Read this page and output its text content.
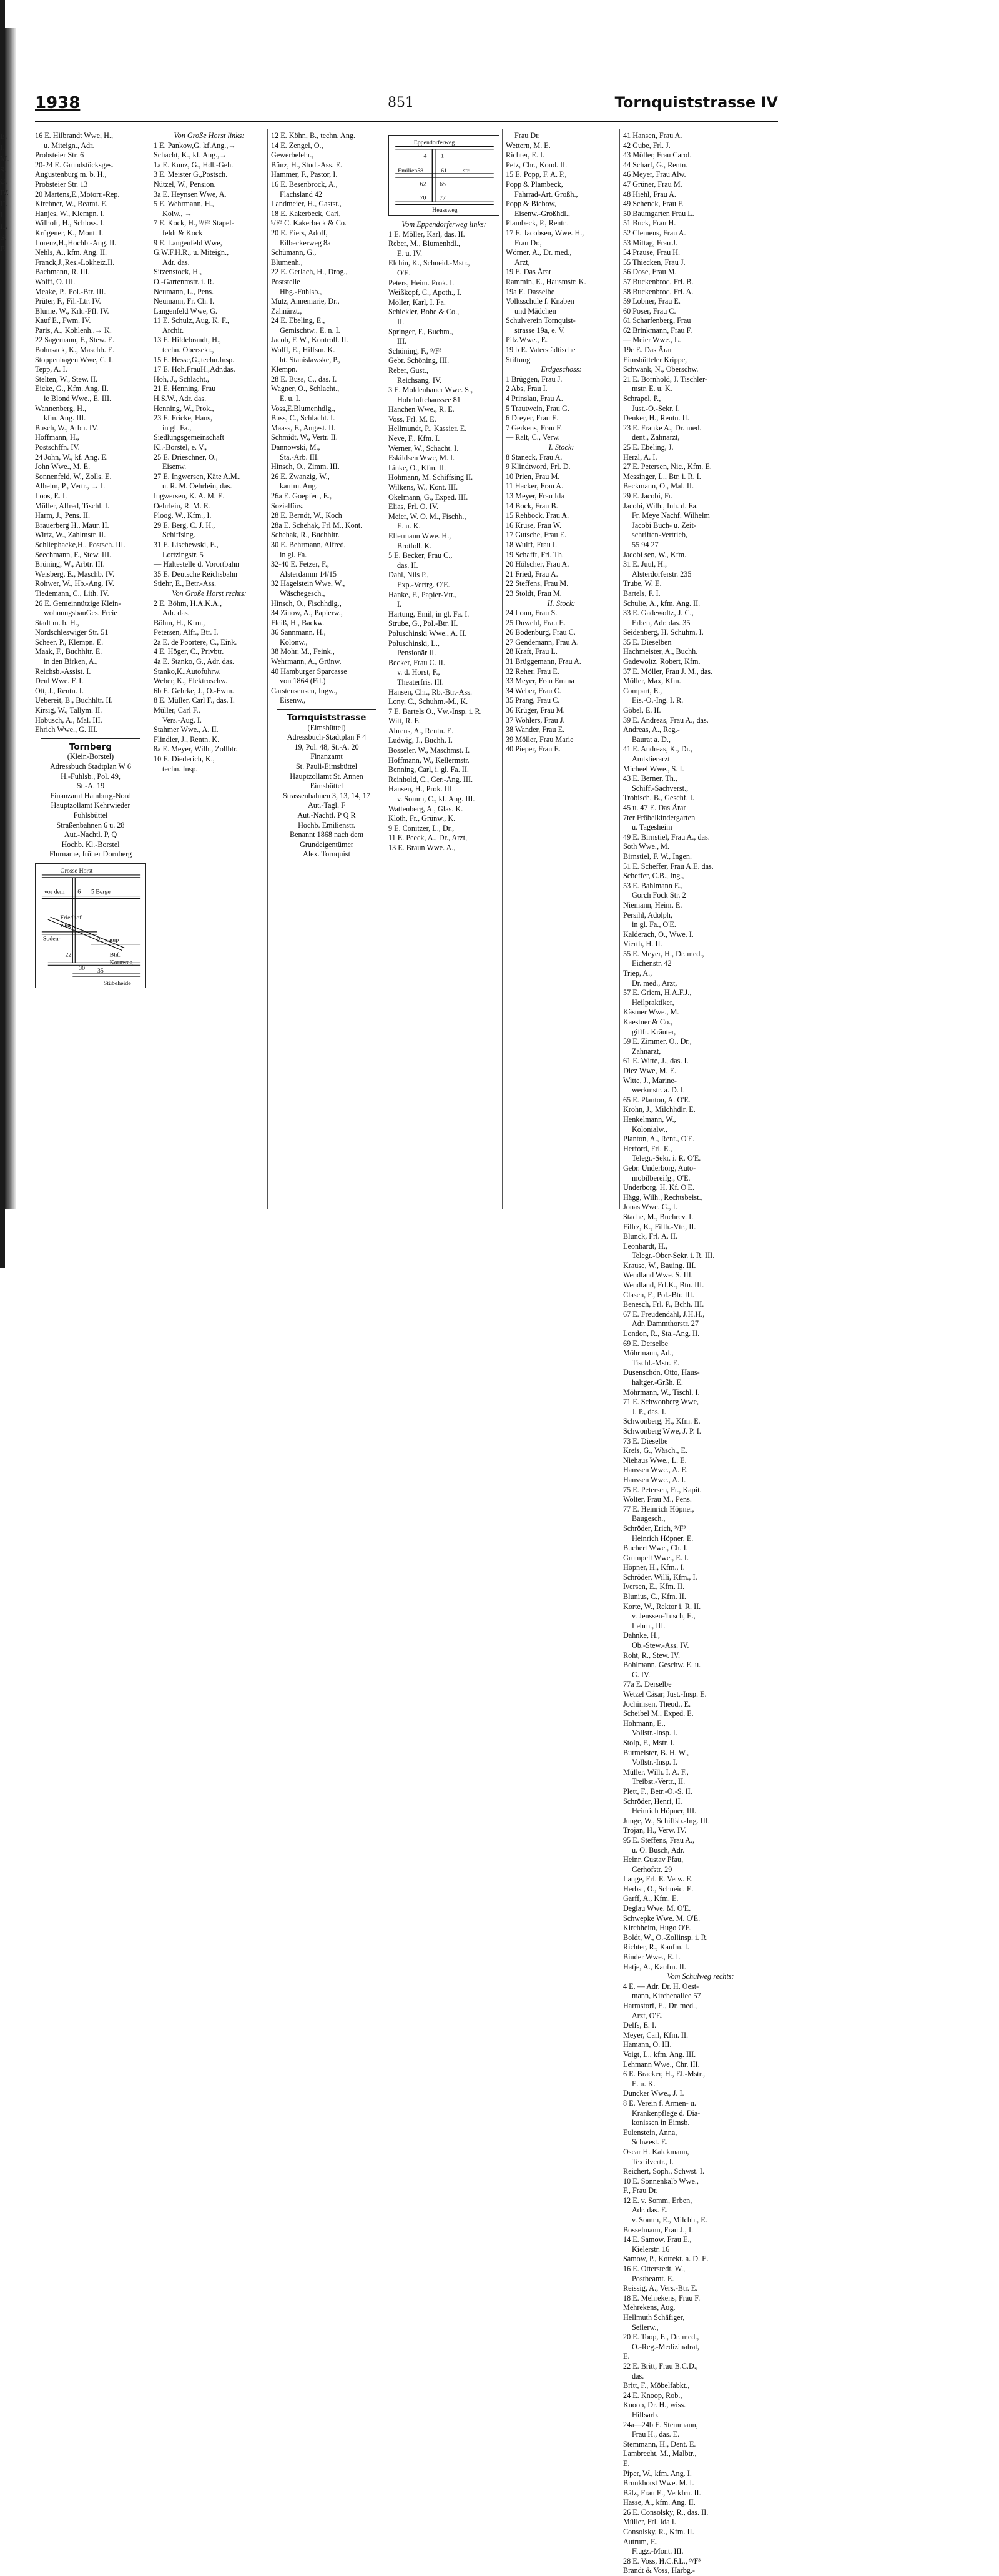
E.
I.
M.
S.
C.
IV.
II.
I.
II.
S.
P.
1938	851	Tornquiststrasse IV
16 E. Hilbrandt Wwe, H.,
u. Miteign., Adr.
Probsteier Str. 6
20-24 E. Grundstücksges.
Augustenburg m. b. H.,
Probsteier Str. 13
20 Martens,E.,Motorr.-Rep.
Kirchner, W., Beamt. E.
Hanjes, W., Klempn. I.
Wilhoft, H., Schloss. I.
Krügener, K., Mont. I.
Lorenz,H.,Hochb.-Ang. II.
Nehls, A., kfm. Ang. II.
Franck,J.,Res.-Lokheiz.II.
Bachmann, R. III.
Wolff, O. III.
Meake, P., Pol.-Btr. III.
Prüter, F., Fil.-Ltr. IV.
Blume, W., Krk.-Pfl. IV.
Kauf E., Fwm. IV.
Paris, A., Kohlenh.,→ K.
22 Sagemann, F., Stew. E.
Bohnsack, K., Maschb. E.
Stoppenhagen Wwe, C. I.
Tepp, A. I.
Stelten, W., Stew. II.
Eicke, G., Kfm. Ang. II.
le Blond Wwe., E. III.
Wannenberg, H.,
kfm. Ang. III.
Busch, W., Arbtr. IV.
Hoffmann, H.,
Postschffn. IV.
24 John, W., kf. Ang. E.
John Wwe., M. E.
Sonnenfeld, W., Zolls. E.
Alhelm, P., Vertr., → I.
Loos, E. I.
Müller, Alfred, Tischl. I.
Harm, J., Pens. II.
Brauerberg H., Maur. II.
Wirtz, W., Zahlmstr. II.
Schliephacke,H., Postsch. III.
Seechmann, F., Stew. III.
Brüning, W., Arbtr. III.
Weisberg, E., Maschb. IV.
Rohwer, W., Hb.-Ang. IV.
Tiedemann, C., Lith. IV.
26 E. Gemeinnützige Klein-
wohnungsbauGes. Freie
Stadt m. b. H.,
Nordschleswiger Str. 51
Scheer, P., Klempn. E.
Maak, F., Buchhltr. E.
in den Birken, A.,
Reichsb.-Assist. I.
Deul Wwe. F. I.
Ott, J., Rentn. I.
Uebereit, B., Buchhltr. II.
Kirsig, W., Tallym. II.
Hobusch, A., Mal. III.
Ehrich Wwe., G. III.
Tornberg
(Klein-Borstel)
Adressbuch Stadtplan W 6
H.-Fuhlsb., Pol. 49,
St.-A. 19
Finanzamt Hamburg-Nord
Hauptzollamt Kehrwieder
Fuhlsbüttel
Straßenbahnen 6 u. 28
Aut.-Nachtl. P, Q
Hochb. Kl.-Borstel
Flurname, früher Dornberg
Grosse Horst
vor dem 6 5 Berge
Friedhof
weg
Soden-	21 kamp
22	Bhf.
Kornweg
30 35
Stübeheide
Von Große Horst links:
1 E. Pankow,G. kf.Ang.,→
Schacht, K., kf. Ang.,→
1a E. Kunz, G., Hdl.-Geh.
3 E. Meister G.,Postsch.
Nützel, W., Pension.
3a E. Heynsen Wwe, A.
5 E. Wehrmann, H.,
Kolw., →
7 E. Kock, H., ⁹/F³ Stapel-
feldt & Kock
9 E. Langenfeld Wwe,
G.W.F.H.R., u. Miteign.,
Adr. das.
Sitzenstock, H.,
O.-Gartenmstr. i. R.
Neumann, L., Pens.
Neumann, Fr. Ch. I.
Langenfeld Wwe, G.
11 E. Schulz, Aug. K. F.,
Archit.
13 E. Hildebrandt, H.,
techn. Obersekr.,
15 E. Hesse,G.,techn.Insp.
17 E. Hoh,FrauH.,Adr.das.
Hoh, J., Schlacht.,
21 E. Henning, Frau
H.S.W., Adr. das.
Henning, W., Prok.,
23 E. Fricke, Hans,
in gl. Fa.,
Siedlungsgemeinschaft
Kl.-Borstel, e. V.,
25 E. Drieschner, O.,
Eisenw.
27 E. Ingwersen, Käte A.M.,
u. R. M. Oehrlein, das.
Ingwersen, K. A. M. E.
Oehrlein, R. M. E.
Ploog, W., Kfm., I.
29 E. Berg, C. J. H.,
Schiffsing.
31 E. Lischewski, E.,
Lortzingstr. 5
— Haltestelle d. Vorortbahn
35 E. Deutsche Reichsbahn
Stiehr, E., Betr.-Ass.
Von Große Horst rechts:
2 E. Böhm, H.A.K.A.,
Adr. das.
Böhm, H., Kfm.,
Petersen, Alfr., Btr. I.
2a E. de Poortere, C., Eink.
4 E. Höger, C., Privbtr.
4a E. Stanko, G., Adr. das.
Stanko,K.,Autofuhrw.
Weber, K., Elektroschw.
6b E. Gehrke, J., O.-Fwm.
8 E. Müller, Carl F., das. I.
Müller, Carl F.,
Vers.-Aug. I.
Stahmer Wwe., A. II.
Flindler, J., Rentn. K.
8a E. Meyer, Wilh., Zollbtr.
10 E. Diederich, K.,
techn. Insp.
12 E. Köhn, B., techn. Ang.
14 E. Zengel, O.,
Gewerbelehr.,
Bünz, H., Stud.-Ass. E.
Hammer, F., Pastor, I.
16 E. Besenbrock, A.,
Flachsland 42
Landmeier, H., Gastst.,
18 E. Kakerbeck, Carl,
⁹/F³ C. Kakerbeck & Co.
20 E. Eiers, Adolf,
Eilbeckerweg 8a
Schümann, G.,
Blumenh.,
22 E. Gerlach, H., Drog.,
Poststelle
Hbg.-Fuhlsb.,
Mutz, Annemarie, Dr.,
Zahnärzt.,
24 E. Ebeling, E.,
Gemischtw., E. n. I.
Jacob, F. W., Kontroll. II.
Wolff, E., Hilfsm. K.
ht. Stanislawske, P.,
Klempn.
28 E. Buss, C., das. I.
Wagner, O., Schlacht.,
E. u. I.
Voss,E.Blumenhdlg.,
Buss, C., Schlacht. I.
Maass, F., Angest. II.
Schmidt, W., Vertr. II.
Dannowski, M.,
Sta.-Arb. III.
Hinsch, O., Zimm. III.
26 E. Zwanzig, W.,
kaufm. Ang.
26a E. Goepfert, E.,
Sozialfürs.
28 E. Berndt, W., Koch
28a E. Schehak, Frl M., Kont.
Schehak, R., Buchhltr.
30 E. Behrmann, Alfred,
in gl. Fa.
32-40 E. Fetzer, F.,
Alsterdamm 14/15
32 Hagelstein Wwe, W.,
Wäschegesch.,
Hinsch, O., Fischhdlg.,
34 Zinow, A., Papierw.,
Fleiß, H., Backw.
36 Sannmann, H.,
Kolonw.,
38 Mohr, M., Feink.,
Wehrmann, A., Grünw.
40 Hamburger Sparcasse
von 1864 (Fil.)
Carstensensen, Ingw.,
Eisenw.,
Tornquiststrasse
(Eimsbüttel)
Adressbuch-Stadtplan F 4
19, Pol. 48, St.-A. 20
Finanzamt
St. Pauli-Eimsbüttel
Hauptzollamt St. Annen
Eimsbüttel
Strassenbahnen 3, 13, 14, 17
Aut.-Tagl. F
Aut.-Nachtl. P Q R
Hochb. Emilienstr.
Benannt 1868 nach dem
Grundeigentümer
Alex. Tornquist
Eppendorferweg
4 1
Emilien58	61	str.
62 65
70 77
Heussweg
Vom Eppendorferweg links:
1 E. Möller, Karl, das. II.
Reber, M., Blumenhdl.,
E. u. IV.
Elchin, K., Schneid.-Mstr.,
O'E.
Peters, Heinr. Prok. I.
Weißkopf, C., Apoth., I.
Möller, Karl, I. Fa.
Schiekler, Bohe & Co.,
II.
Springer, F., Buchm.,
III.
Schöning, F., ⁹/F³
Gebr. Schöning, III.
Reber, Gust.,
Reichsang. IV.
3 E. Moldenhauer Wwe. S.,
Hoheluftchaussee 81
Hänchen Wwe., R. E.
Voss, Frl. M. E.
Hellmundt, P., Kassier. E.
Neve, F., Kfm. I.
Werner, W., Schacht. I.
Eskildsen Wwe, M. I.
Linke, O., Kfm. II.
Hohmann, M. Schiffsing II.
Wilkens, W., Kont. III.
Okelmann, G., Exped. III.
Elias, Frl. O. IV.
Meier, W. O. M., Fischh.,
E. u. K.
Ellermann Wwe. H.,
Brothdl. K.
5 E. Becker, Frau C.,
das. II.
Dahl, Nils P.,
Exp.-Vertrg. O'E.
Hanke, F., Papier-Vtr.,
I.
Hartung, Emil, in gl. Fa. I.
Strube, G., Pol.-Btr. II.
Poluschinski Wwe., A. II.
Poluschinski, L.,
Pensionär II.
Becker, Frau C. II.
v. d. Horst, F.,
Theaterfris. III.
Hansen, Chr., Rb.-Btr.-Ass.
Lony, C., Schuhm.-M., K.
7 E. Bartels O., Vw.-Insp. i. R.
Witt, R. E.
Ahrens, A., Rentn. E.
Ludwig, J., Buchh. I.
Bosseler, W., Maschmst. I.
Hoffmann, W., Kellermstr.
Benning, Carl, i. gl. Fa. II.
Reinhold, C., Ger.-Ang. III.
Hansen, H., Prok. III.
v. Somm, C., kf. Ang. III.
Wattenberg, A., Glas. K.
Kloth, Fr., Grünw., K.
9 E. Conitzer, L., Dr.,
11 E. Peeck, A., Dr., Arzt,
13 E. Braun Wwe. A.,
Frau Dr.
Wettern, M. E.
Richter, E. I.
Petz, Chr., Kond. II.
15 E. Popp, F. A. P.,
Popp & Plambeck,
Fahrrad-Art. Großh.,
Popp & Biebow,
Eisenw.-Großhdl.,
Plambeck, P., Rentn.
17 E. Jacobsen, Wwe. H.,
Frau Dr.,
Wörner, A., Dr. med.,
Arzt,
19 E. Das Ärar
Rammin, E., Hausmstr. K.
19a E. Dasselbe
Volksschule f. Knaben
und Mädchen
Schulverein Tornquist-
strasse 19a, e. V.
Pilz Wwe., E.
19 b E. Vaterstädtische
Stiftung
Erdgeschoss:
1 Brüggen, Frau J.
2 Abs, Frau I.
4 Prinslau, Frau A.
5 Trautwein, Frau G.
6 Dreyer, Frau E.
7 Gerkens, Frau F.
— Ralt, C., Verw.
I. Stock:
8 Staneck, Frau A.
9 Klindtword, Frl. D.
10 Prien, Frau M.
11 Hacker, Frau A.
13 Meyer, Frau Ida
14 Bock, Frau B.
15 Rehbock, Frau A.
16 Kruse, Frau W.
17 Gutsche, Frau E.
18 Wulff, Frau I.
19 Schafft, Frl. Th.
20 Hölscher, Frau A.
21 Fried, Frau A.
22 Steffens, Frau M.
23 Stoldt, Frau M.
II. Stock:
24 Lonn, Frau S.
25 Duwehl, Frau E.
26 Bodenburg, Frau C.
27 Gendemann, Frau A.
28 Kraft, Frau L.
31 Brüggemann, Frau A.
32 Reher, Frau E.
33 Meyer, Frau Emma
34 Weber, Frau C.
35 Prang, Frau C.
36 Krüger, Frau M.
37 Wohlers, Frau J.
38 Wander, Frau E.
39 Möller, Frau Marie
40 Pieper, Frau E.
41 Hansen, Frau A.
42 Gube, Frl. J.
43 Möller, Frau Carol.
44 Scharf, G., Rentn.
46 Meyer, Frau Alw.
47 Grüner, Frau M.
48 Hiehl, Frau A.
49 Schenck, Frau F.
50 Baumgarten Frau L.
51 Buck, Frau H.
52 Clemens, Frau A.
53 Mittag, Frau J.
54 Prause, Frau H.
55 Thiecken, Frau J.
56 Dose, Frau M.
57 Buckenbrod, Frl. B.
58 Buckenbrod, Frl. A.
59 Lobner, Frau E.
60 Poser, Frau C.
61 Scharfenberg, Frau
62 Brinkmann, Frau F.
— Meier Wwe., L.
19c E. Das Ärar
Eimsbütteler Krippe,
Schwank, N., Oberschw.
21 E. Bornhold, J. Tischler-
mstr. E. u. K.
Schrapel, P.,
Just.-O.-Sekr. I.
Denker, H., Rentn. II.
23 E. Franke A., Dr. med.
dent., Zahnarzt,
25 E. Ebeling, J.
Herzl, A. I.
27 E. Petersen, Nic., Kfm. E.
Messinger, L., Btr. i. R. I.
Beckmann, O., Mal. II.
29 E. Jacobi, Fr.
Jacobi, Wilh., Inh. d. Fa.
Fr. Meye Nachf. Wilhelm
Jacobi Buch- u. Zeit-
schriften-Vertrieb,
55 94 27
Jacobi sen, W., Kfm.
31 E. Juul, H.,
Alsterdorferstr. 235
Trube, W. E.
Bartels, F. I.
Schulte, A., kfm. Ang. II.
33 E. Gadewoltz, J. C.,
Erben, Adr. das. 35
Seidenberg, H. Schuhm. I.
35 E. Dieselben
Hachmeister, A., Buchh.
Gadewoltz, Robert, Kfm.
37 E. Möller, Frau J. M., das.
Möller, Max, Kfm.
Compart, E.,
Eis.-O.-Ing. I. R.
Göbel, E. II.
39 E. Andreas, Frau A., das.
Andreas, A., Reg.-
Baurat a. D.,
41 E. Andreas, K., Dr.,
Amtstierarzt
Micheel Wwe., S. I.
43 E. Berner, Th.,
Schiff.-Sachverst.,
Trobisch, B., Geschf. I.
45 u. 47 E. Das Ärar
7ter Fröbelkindergarten
u. Tagesheim
49 E. Birnstiel, Frau A., das.
Soth Wwe., M.
Birnstiel, F. W., Ingen.
51 E. Scheffer, Frau A.E. das.
Scheffer, C.B., Ing.,
53 E. Bahlmann E.,
Gorch Fock Str. 2
Niemann, Heinr. E.
Persihl, Adolph,
in gl. Fa., O'E.
Kalderach, O., Wwe. I.
Vierth, H. II.
55 E. Meyer, H., Dr. med.,
Eichenstr. 42
Triep, A.,
Dr. med., Arzt,
57 E. Griem, H.A.F.J.,
Heilpraktiker,
Kästner Wwe., M.
Kaestner & Co.,
giftfr. Kräuter,
59 E. Zimmer, O., Dr.,
Zahnarzt,
61 E. Witte, J., das. I.
Diez Wwe, M. E.
Witte, J., Marine-
werkmstr. a. D. I.
65 E. Planton, A. O'E.
Krohn, J., Milchhdlr. E.
Henkelmann, W.,
Kolonialw.,
Planton, A., Rent., O'E.
Herford, Frl. E.,
Telegr.-Sekr. i. R. O'E.
Gebr. Underborg, Auto-
mobilbereifg., O'E.
Underborg, H. Kf. O'E.
Hägg, Wilh., Rechtsbeist.,
Jonas Wwe. G., I.
Stache, M., Buchrev. I.
Fillrz, K., Fillh.-Vtr., II.
Blunck, Frl. A. II.
Leonhardt, H.,
Telegr.-Ober-Sekr. i. R. III.
Krause, W., Bauing. III.
Wendland Wwe. S. III.
Wendland, Frl.K., Btn. III.
Clasen, F., Pol.-Btr. III.
Benesch, Frl. P., Bchh. III.
67 E. Freudendahl, J.H.H.,
Adr. Dammthorstr. 27
London, R., Sta.-Ang. II.
69 E. Derselbe
Möhrmann, Ad.,
Tischl.-Mstr. E.
Dusenschön, Otto, Haus-
haltger.-Grßh. E.
Möhrmann, W., Tischl. I.
71 E. Schwonberg Wwe,
J. P., das. I.
Schwonberg, H., Kfm. E.
Schwonberg Wwe, J. P. I.
73 E. Dieselbe
Kreis, G., Wäsch., E.
Niehaus Wwe., L. E.
Hanssen Wwe., A. E.
Hanssen Wwe., A. I.
75 E. Petersen, Fr., Kapit.
Wolter, Frau M., Pens.
77 E. Heinrich Höpner,
Baugesch.,
Schröder, Erich, ⁹/F³
Heinrich Höpner, E.
Buchert Wwe., Ch. I.
Grumpelt Wwe., E. I.
Höpner, H., Kfm., I.
Schröder, Willi, Kfm., I.
Iversen, E., Kfm. II.
Blunius, C., Kfm. II.
Korte, W., Rektor i. R. II.
v. Jenssen-Tusch, E.,
Lehrn., III.
Dahnke, H.,
Ob.-Stew.-Ass. IV.
Roht, R., Stew. IV.
Bohlmann, Geschw. E. u.
G. IV.
77a E. Derselbe
Wetzel Cäsar, Just.-Insp. E.
Jochimsen, Theod., E.
Scheibel M., Exped. E.
Hohmann, E.,
Vollstr.-Insp. I.
Stolp, F., Mstr. I.
Burmeister, B. H. W.,
Vollstr.-Insp. I.
Müller, Wilh. I. A. F.,
Treibst.-Vertr., II.
Plett, F., Betr.-O.-S. II.
Schröder, Henri, II.
Heinrich Höpner, III.
Junge, W., Schiffsb.-Ing. III.
Trojan, H., Verw. IV.
95 E. Steffens, Frau A.,
u. O. Busch, Adr.
Heinr. Gustav Pfau,
Gerhofstr. 29
Lange, Frl. E. Verw. E.
Herbst, O., Schneid. E.
Garff, A., Kfm. E.
Deglau Wwe. M. O'E.
Schwepke Wwe. M. O'E.
Kirchheim, Hugo O'E.
Boldt, W., O.-Zollinsp. i. R.
Richter, R., Kaufm. I.
Binder Wwe., E. I.
Hatje, A., Kaufm. II.
Vom Schulweg rechts:
4 E. — Adr. Dr. H. Oest-
mann, Kirchenallee 57
Harmstorf, E., Dr. med.,
Arzt, O'E.
Delfs, E. I.
Meyer, Carl, Kfm. II.
Hamann, O. III.
Voigt, L., kfm. Ang. III.
Lehmann Wwe., Chr. III.
6 E. Bracker, H., El.-Mstr.,
E. u. K.
Duncker Wwe., J. I.
8 E. Verein f. Armen- u.
Krankenpflege d. Dia-
konissen in Eimsb.
Eulenstein, Anna,
Schwest. E.
Oscar H. Kalckmann,
Textilvertr., I.
Reichert, Soph., Schwst. I.
10 E. Sonnenkalb Wwe.,
F., Frau Dr.
12 E. v. Somm, Erben,
Adr. das. E.
v. Somm, E., Milchh., E.
Bosselmann, Frau J., I.
14 E. Samow, Frau E.,
Kielerstr. 16
Samow, P., Kotrekt. a. D. E.
16 E. Otterstedt, W.,
Postbeamt. E.
Reissig, A., Vers.-Btr. E.
18 E. Mehrekens, Frau F.
Mehrekens, Aug.
Hellmuth Schäfiger,
Seilerw.,
20 E. Toop, E., Dr. med.,
O.-Reg.-Medizinalrat,
E.
22 E. Britt, Frau B.C.D.,
das.
Britt, F., Möbelfabkt.,
24 E. Knoop, Rob.,
Knoop, Dr. H., wiss.
Hilfsarb.
24a—24b E. Stemmann,
Frau H., das. E.
Stemmann, H., Dent. E.
Lambrecht, M., Malbtr.,
E.
Piper, W., kfm. Ang. I.
Brunkhorst Wwe. M. I.
Bälz, Frau E., Verkfrn. II.
Hasse, A., kfm. Ang. II.
26 E. Consolsky, R., das. II.
Müller, Frl. Ida I.
Consolsky, R., Kfm. II.
Autrum, F.,
Flugz.-Mont. III.
28 E. Voss, H.C.F.L., ⁹/F³
Brandt & Voss, Harbg.-
